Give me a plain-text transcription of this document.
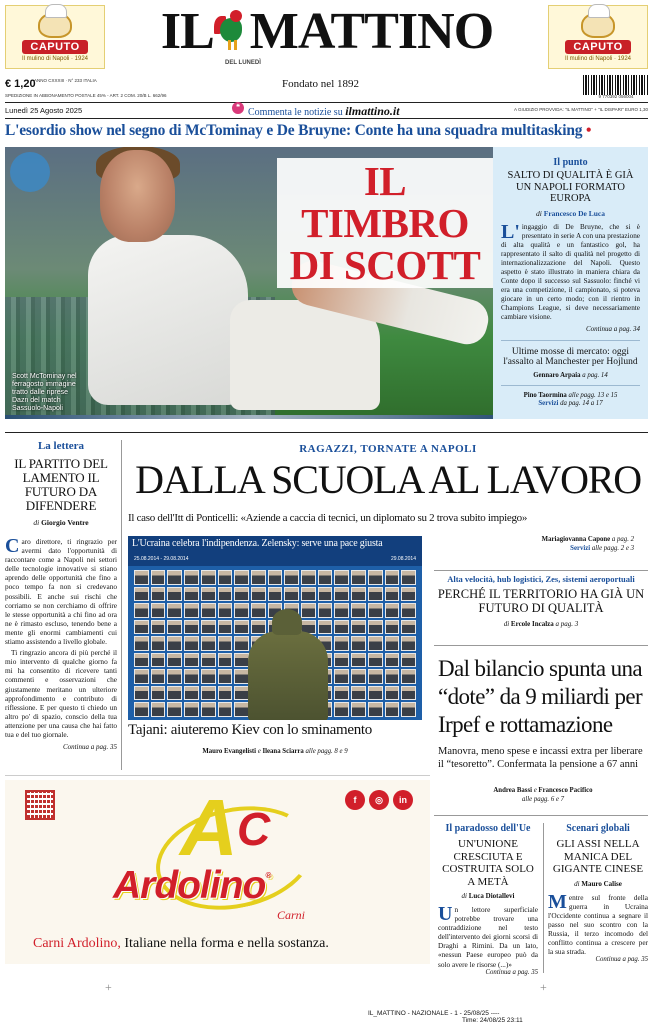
CAPUTO
Il mulino di Napoli · 1924
CAPUTO
Il mulino di Napoli · 1924
IL MATTINO
DEL LUNEDÌ
Fondato nel 1892
€ 1,20
ANNO CXXXIII · N° 233 ITALIA
SPEDIZIONE IN ABBONAMENTO POSTALE 45% - ART. 2 COM. 20/B L. 662/96	9 770392 056004
Lunedì 25 Agosto 2025	❝ Commenta le notizie su ilmattino.it	A GIUDIZIO PROVVIDA: "IL MATTINO" + "IL DISPARI" EURO 1,30
L'esordio show nel segno di McTominay e De Bruyne: Conte ha una squadra multitasking •
IL TIMBRO
DI SCOTT
Scott McTominay nel ferragosto immagine tratto dalle riprese Dazn del match Sassuolo-Napoli
Il punto
SALTO DI QUALITÀ È GIÀ UN NAPOLI FORMATO EUROPA
di Francesco De Luca

L' ingaggio di De Bruyne, che si è presentato in serie A con una prestazione di alta qualità e un fantastico gol, ha rappresentato il salto di qualità nel progetto di internazionalizzazione del Napoli. Questo aspetto è stato illustrato in maniera chiara da Conte dopo il successo sul Sassuolo: finché vi era una competizione, il campionato, si poteva giocare in un certo modo; con il rientro in Champions League, si deve necessariamente cambiare visione.

Continua a pag. 34
Ultime mosse di mercato: oggi l'assalto al Manchester per Hojlund
Gennaro Arpaia a pag. 14
Pino Taormina alle pagg. 13 e 15
Servizi da pag. 14 a 17
La lettera
IL PARTITO DEL LAMENTO IL FUTURO DA DIFENDERE
di Giorgio Ventre

Caro direttore, ti ringrazio per avermi dato l'opportunità di raccontare come a Napoli nei settori delle tecnologie innovative si stiano aprendo delle opportunità che fino a poco tempo fa non si credevano possibili. E anche sui rischi che corriamo se non cerchiamo di offrire le stesse opportunità a chi fino ad ora ne è rimasto escluso, tenendo bene a mente gli enormi cambiamenti cui stiamo assistendo a livello globale.

Ti ringrazio ancora di più perché il mio intervento di qualche giorno fa mi ha consentito di ricevere tanti commenti e osservazioni che giustamente meritano un ulteriore approfondimento e contributo di riflessione. E per questo ti chiedo un altro po' di spazio, conscio della tua attenzione per una causa che hai fatto tua e del tuo giornale.

Continua a pag. 35
RAGAZZI, TORNATE A NAPOLI
DALLA SCUOLA AL LAVORO
Il caso dell'Itt di Ponticelli: «Aziende a caccia di tecnici, un diplomato su 2 trova subito impiego»
Mariagiovanna Capone a pag. 2
Servizi alle pagg. 2 e 3
L'Ucraina celebra l'indipendenza. Zelensky: serve una pace giusta
25.08.2014 - 29.08.2014	29.08.2014
Tajani: aiuteremo Kiev con lo sminamento
Mauro Evangelisti e Ileana Sciarra alle pagg. 8 e 9
Alta velocità, hub logistici, Zes, sistemi aeroportuali
PERCHÉ IL TERRITORIO HA GIÀ UN FUTURO DI QUALITÀ
di Ercole Incalza a pag. 3
Dal bilancio spunta una “dote” da 9 miliardi per Irpef e rottamazione
Manovra, meno spese e incassi extra per liberare il “tesoretto”. Confermata la pensione a 67 anni
Andrea Bassi e Francesco Pacifico
alle pagg. 6 e 7
f	◎	in
A C
Ardolino®
Carni
Carni Ardolino, Italiane nella forma e nella sostanza.
Il paradosso dell'Ue
UN'UNIONE CRESCIUTA E COSTRUITA SOLO A METÀ
di Luca Diotallevi

Un lettore superficiale potrebbe trovare una contraddizione nel testo dell'intervento dei giorni scorsi di Draghi a Rimini. Da un lato, «nessun Paese europeo può da solo avere le risorse (...)»

Continua a pag. 35
Scenari globali
GLI ASSI NELLA MANICA DEL GIGANTE CINESE
di Mauro Calise

Mentre sul fronte della guerra in Ucraina l'Occidente continua a segnare il passo nel suo scontro con la Russia, il terzo incomodo del conflitto continua a crescere per la sua strada.

Continua a pag. 35
+	+
IL_MATTINO - NAZIONALE - 1 - 25/08/25 ----
Time: 24/08/25 23:11
